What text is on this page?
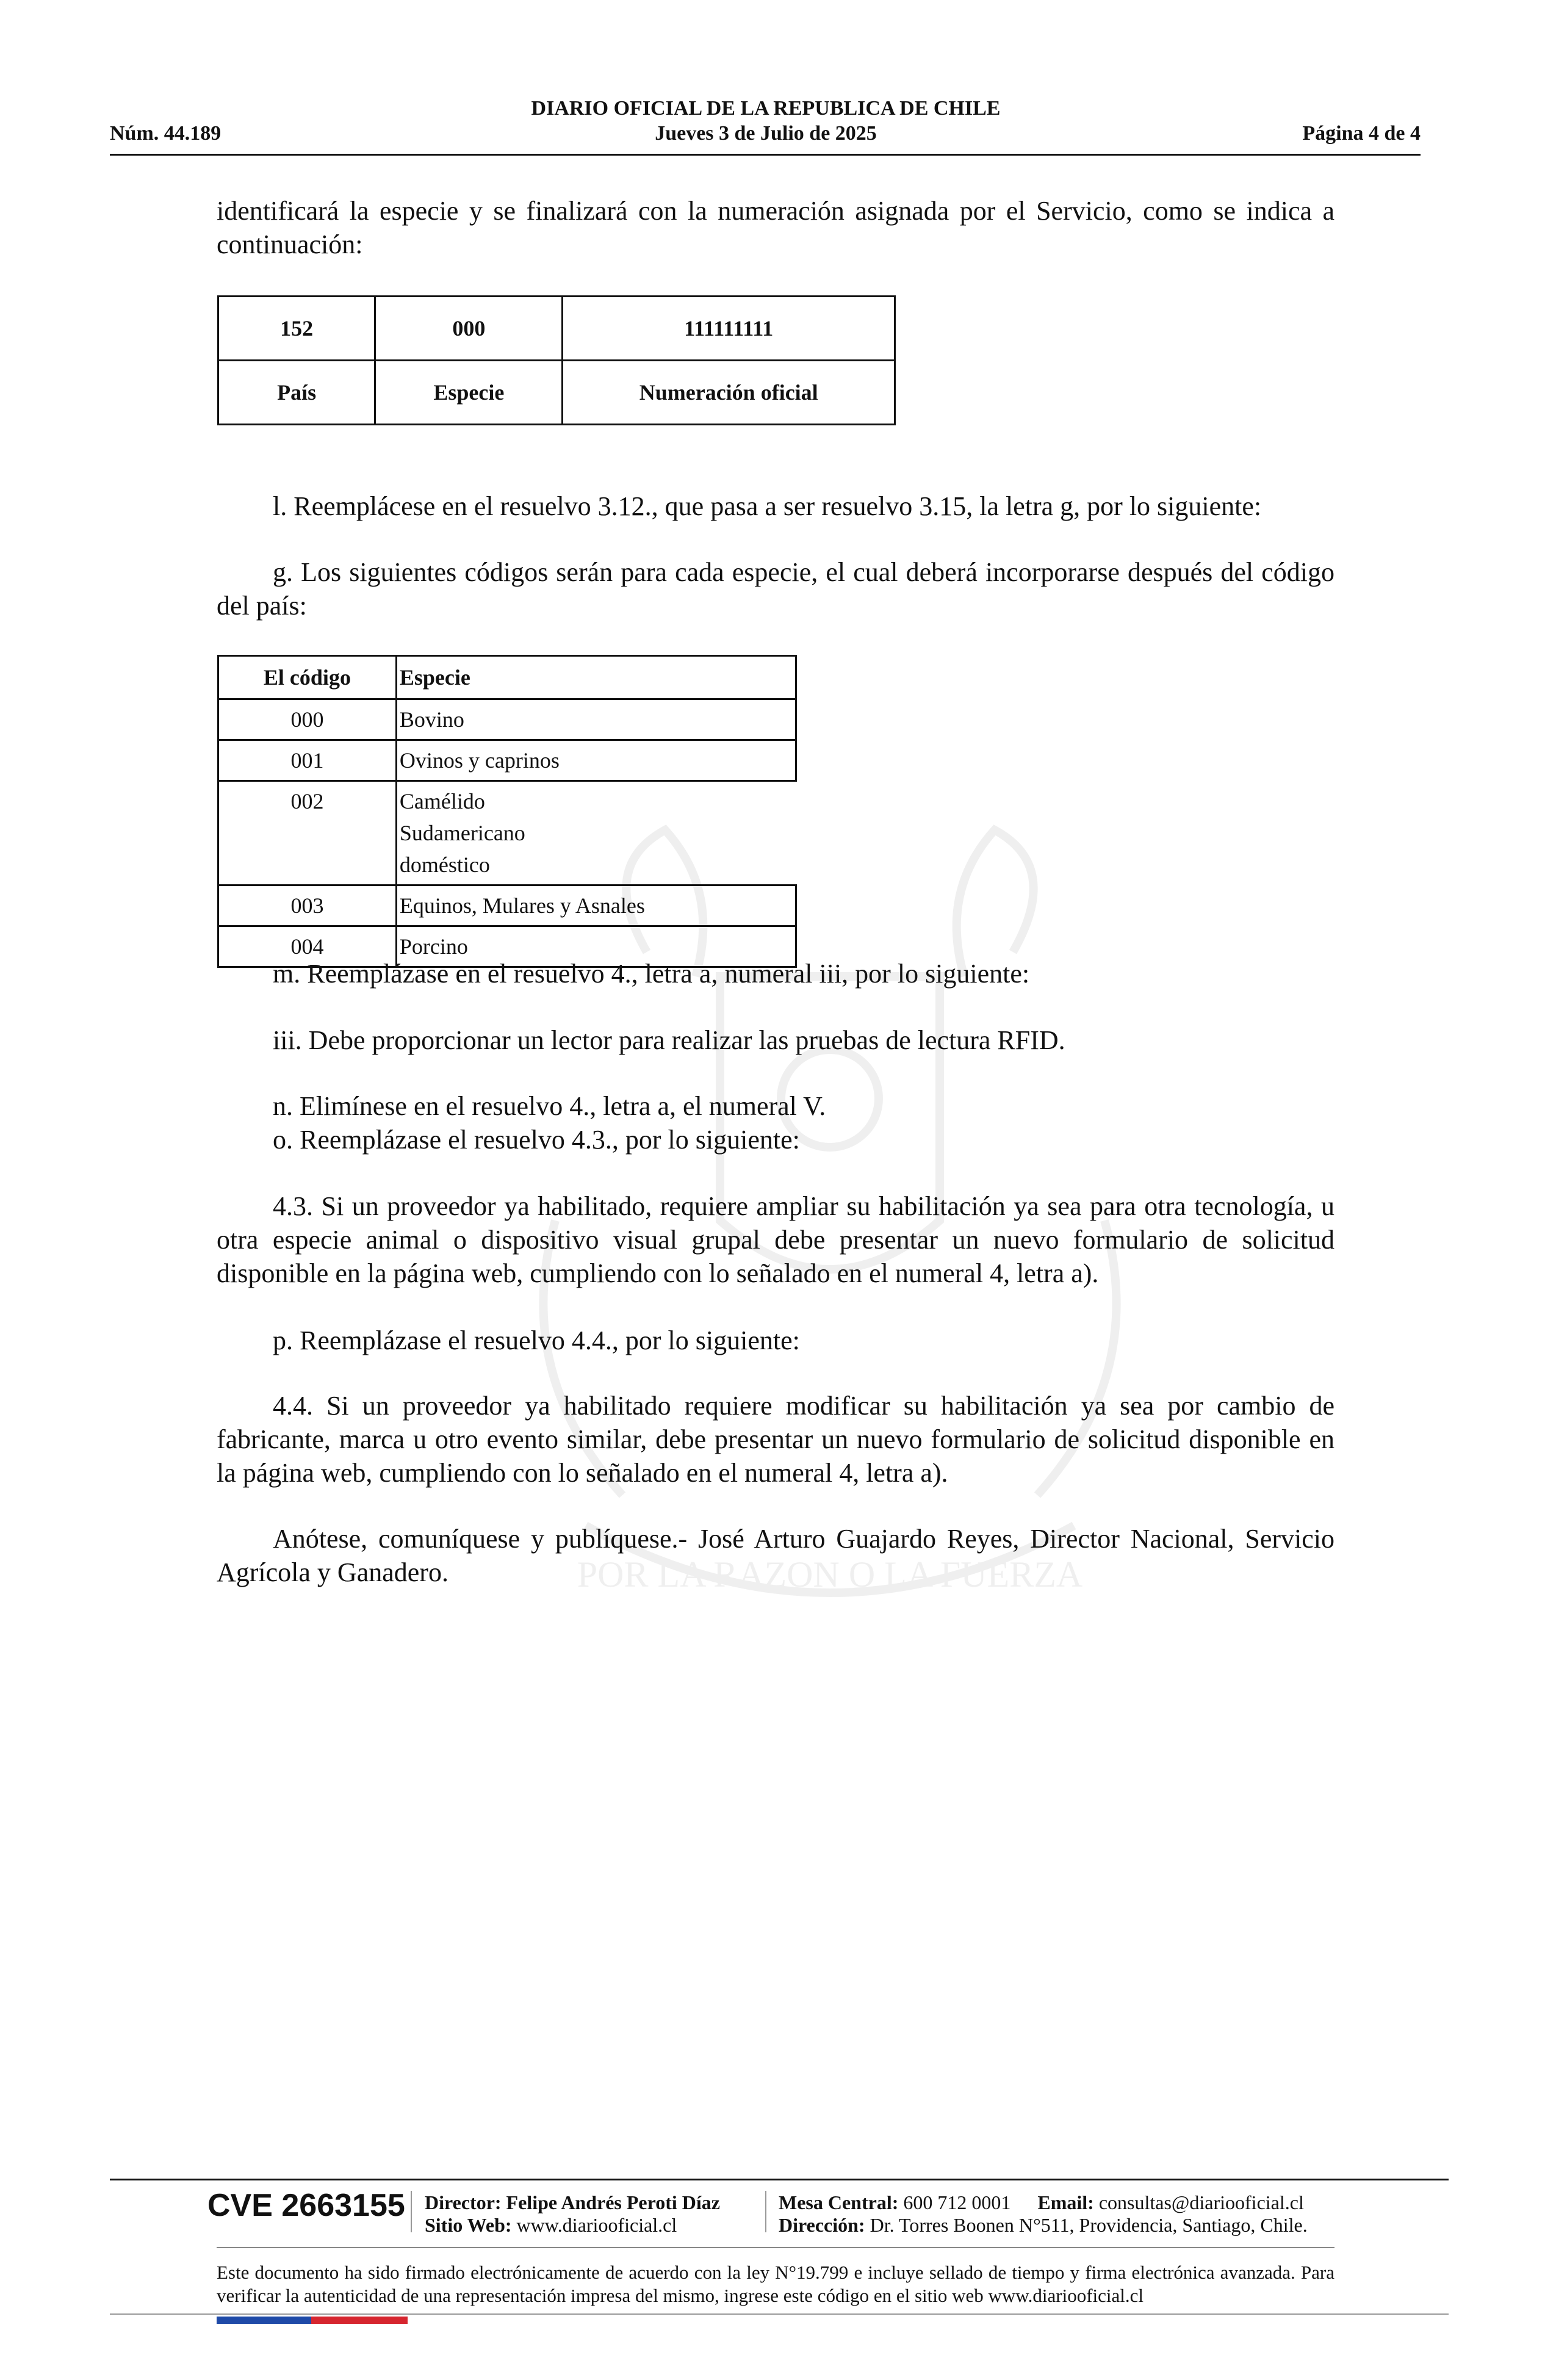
POR LA RAZON O LA FUERZA
Núm. 44.189
DIARIO OFICIAL DE LA REPUBLICA DE CHILE
Jueves 3 de Julio de 2025	Página 4 de 4
identificará la especie y se finalizará con la numeración asignada por el Servicio, como se indica a continuación:
152	000	111111111
País	Especie	Numeración oficial
l. Reemplácese en el resuelvo 3.12., que pasa a ser resuelvo 3.15, la letra g, por lo siguiente:
g. Los siguientes códigos serán para cada especie, el cual deberá incorporarse después del código del país:
El código	Especie
000	Bovino
001	Ovinos y caprinos
002		Camélido Sudamericano doméstico

003	Equinos, Mulares y Asnales
004	Porcino
m. Reemplázase en el resuelvo 4., letra a, numeral iii, por lo siguiente:
iii. Debe proporcionar un lector para realizar las pruebas de lectura RFID.
n. Elimínese en el resuelvo 4., letra a, el numeral V.
o. Reemplázase el resuelvo 4.3., por lo siguiente:
4.3. Si un proveedor ya habilitado, requiere ampliar su habilitación ya sea para otra tecnología, u otra especie animal o dispositivo visual grupal debe presentar un nuevo formulario de solicitud disponible en la página web, cumpliendo con lo señalado en el numeral 4, letra a).
p. Reemplázase el resuelvo 4.4., por lo siguiente:
4.4. Si un proveedor ya habilitado requiere modificar su habilitación ya sea por cambio de fabricante, marca u otro evento similar, debe presentar un nuevo formulario de solicitud disponible en la página web, cumpliendo con lo señalado en el numeral 4, letra a).
Anótese, comuníquese y publíquese.- José Arturo Guajardo Reyes, Director Nacional, Servicio Agrícola y Ganadero.
CVE 2663155 Director: Felipe Andrés Peroti Díaz
Sitio Web: www.diariooficial.cl
Mesa Central: 600 712 0001 Email: consultas@diariooficial.cl
Dirección: Dr. Torres Boonen N°511, Providencia, Santiago, Chile.
Este documento ha sido firmado electrónicamente de acuerdo con la ley N°19.799 e incluye sellado de tiempo y firma electrónica avanzada. Para verificar la autenticidad de una representación impresa del mismo, ingrese este código en el sitio web www.diariooficial.cl
